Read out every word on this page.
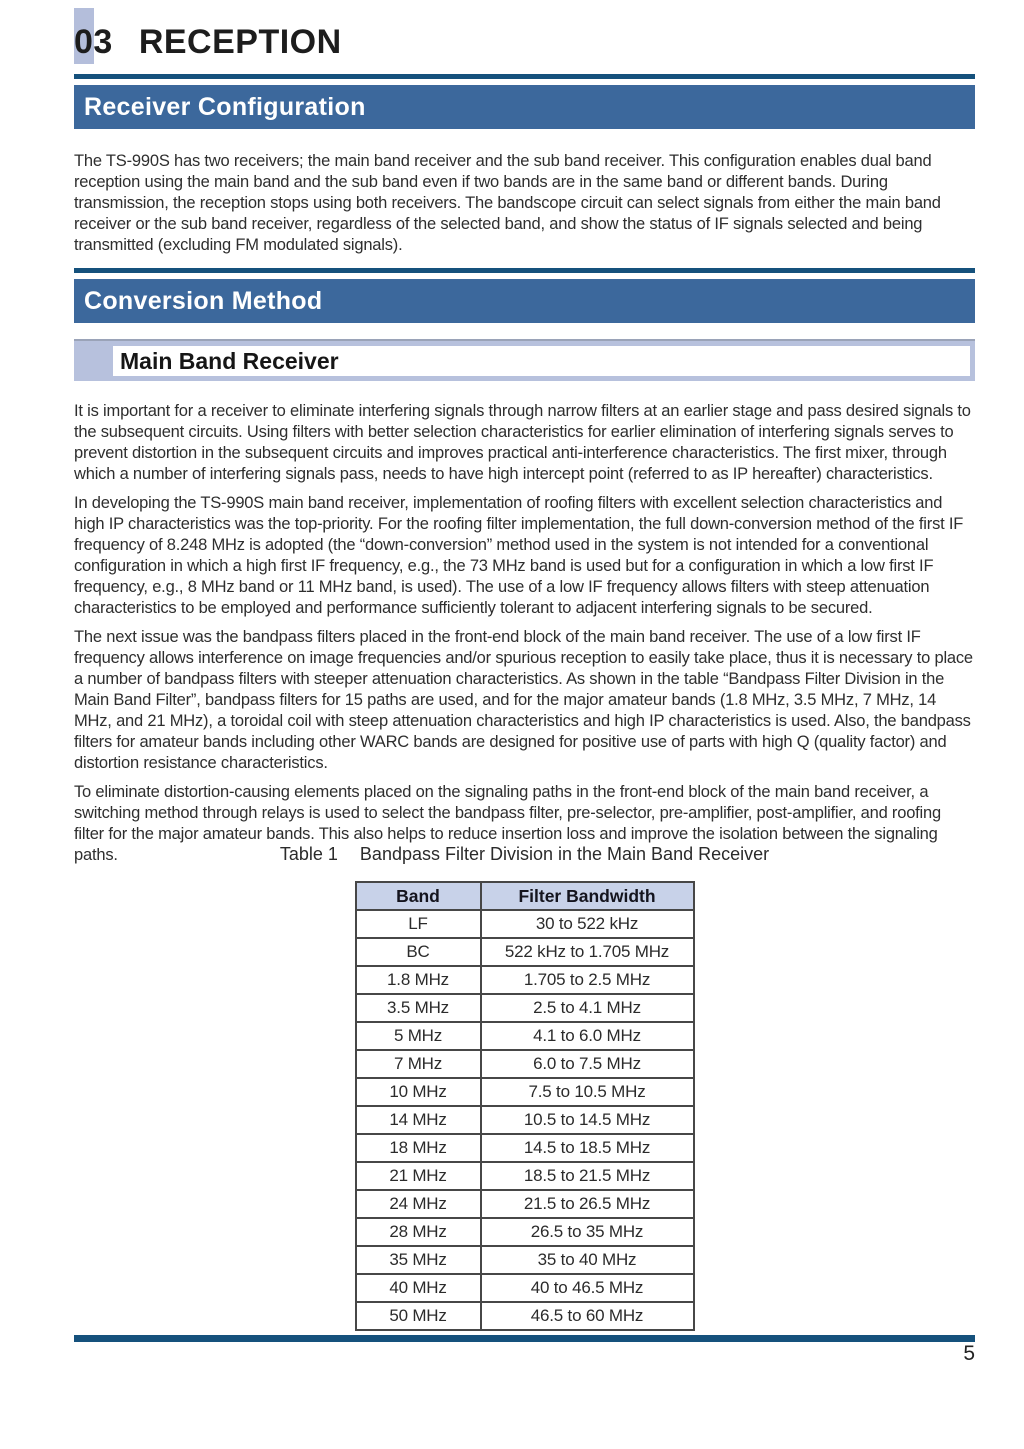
03 RECEPTION
Receiver Configuration

The TS-990S has two receivers; the main band receiver and the sub band receiver. This configuration enables dual band reception using the main band and the sub band even if two bands are in the same band or different bands. During transmission, the reception stops using both receivers. The bandscope circuit can select signals from either the main band receiver or the sub band receiver, regardless of the selected band, and show the status of IF signals selected and being transmitted (excluding FM modulated signals).

Conversion Method
Main Band Receiver

It is important for a receiver to eliminate interfering signals through narrow filters at an earlier stage and pass desired signals to the subsequent circuits. Using filters with better selection characteristics for earlier elimination of interfering signals serves to prevent distortion in the subsequent circuits and improves practical anti-interference characteristics. The first mixer, through which a number of interfering signals pass, needs to have high intercept point (referred to as IP hereafter) characteristics.

In developing the TS-990S main band receiver, implementation of roofing filters with excellent selection characteristics and high IP characteristics was the top-priority. For the roofing filter implementation, the full down-conversion method of the first IF frequency of 8.248 MHz is adopted (the “down-conversion” method used in the system is not intended for a conventional configuration in which a high first IF frequency, e.g., the 73 MHz band is used but for a configuration in which a low first IF frequency, e.g., 8 MHz band or 11 MHz band, is used). The use of a low IF frequency allows filters with steep attenuation characteristics to be employed and performance sufficiently tolerant to adjacent interfering signals to be secured.

The next issue was the bandpass filters placed in the front-end block of the main band receiver. The use of a low first IF frequency allows interference on image frequencies and/or spurious reception to easily take place, thus it is necessary to place a number of bandpass filters with steeper attenuation characteristics. As shown in the table “Bandpass Filter Division in the Main Band Filter”, bandpass filters for 15 paths are used, and for the major amateur bands (1.8 MHz, 3.5 MHz, 7 MHz, 14 MHz, and 21 MHz), a toroidal coil with steep attenuation characteristics and high IP characteristics is used. Also, the bandpass filters for amateur bands including other WARC bands are designed for positive use of parts with high Q (quality factor) and distortion resistance characteristics.

To eliminate distortion-causing elements placed on the signaling paths in the front-end block of the main band receiver, a switching method through relays is used to select the bandpass filter, pre-selector, pre-amplifier, post-amplifier, and roofing filter for the major amateur bands. This also helps to reduce insertion loss and improve the isolation between the signaling paths.	Table 1 Bandpass Filter Division in the Main Band Receiver
Band	Filter Bandwidth
LF	30 to 522 kHz
BC	522 kHz to 1.705 MHz
1.8 MHz	1.705 to 2.5 MHz
3.5 MHz	2.5 to 4.1 MHz
5 MHz	4.1 to 6.0 MHz
7 MHz	6.0 to 7.5 MHz
10 MHz	7.5 to 10.5 MHz
14 MHz	10.5 to 14.5 MHz
18 MHz	14.5 to 18.5 MHz
21 MHz	18.5 to 21.5 MHz
24 MHz	21.5 to 26.5 MHz
28 MHz	26.5 to 35 MHz
35 MHz	35 to 40 MHz
40 MHz	40 to 46.5 MHz
50 MHz	46.5 to 60 MHz
5
